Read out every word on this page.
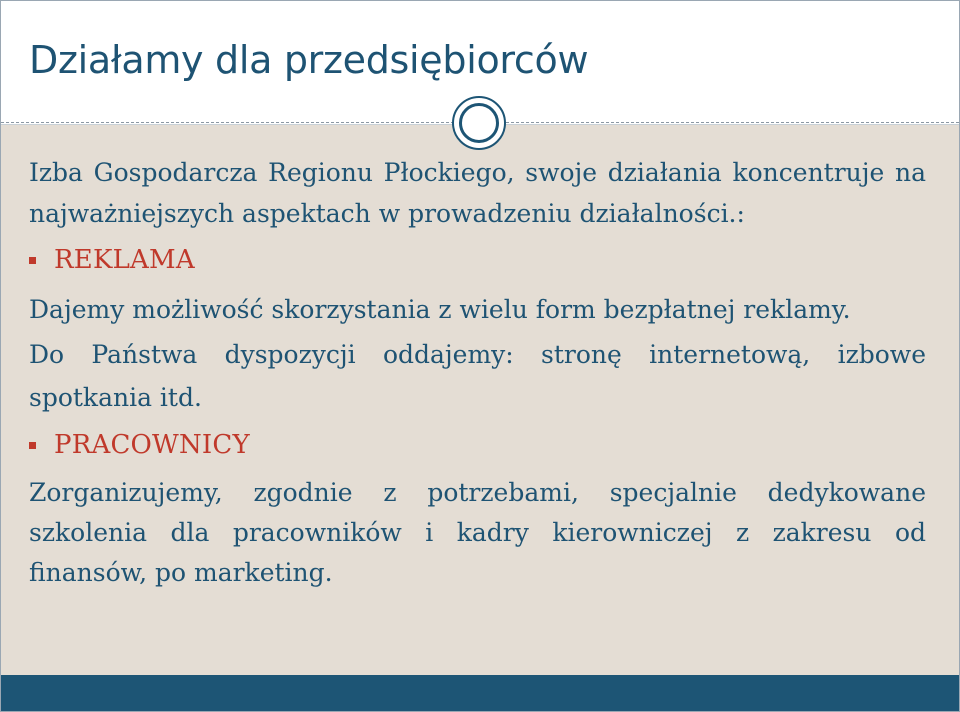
Działamy dla przedsiębiorców

Izba Gospodarcza Regionu Płockiego, swoje działania koncentruje na najważniejszych aspektach w prowadzeniu działalności.:

REKLAMA

Dajemy możliwość skorzystania z wielu form bezpłatnej reklamy.

Do Państwa dyspozycji oddajemy: stronę internetową, izbowe spotkania itd.

PRACOWNICY

Zorganizujemy, zgodnie z potrzebami, specjalnie dedykowane szkolenia dla pracowników i kadry kierowniczej z zakresu od finansów, po marketing.
